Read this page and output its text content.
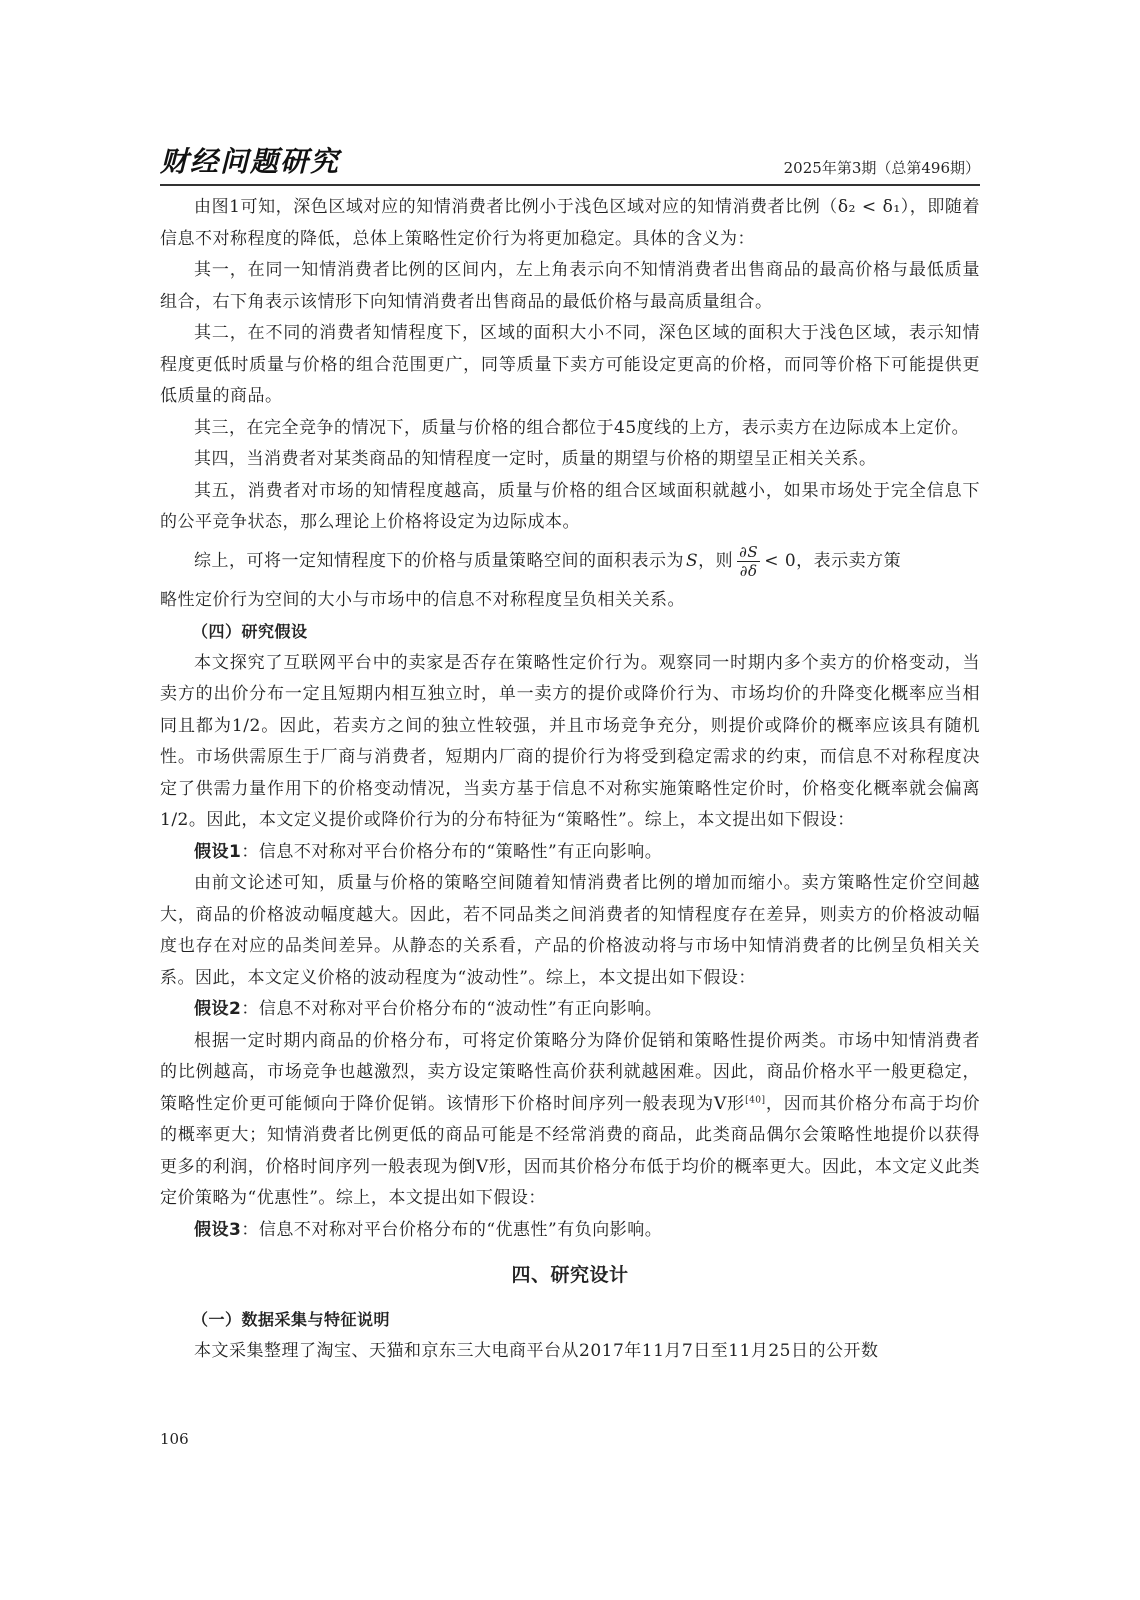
财经问题研究	2025年第3期（总第496期）

由图1可知，深色区域对应的知情消费者比例小于浅色区域对应的知情消费者比例（δ₂ < δ₁），即随着信息不对称程度的降低，总体上策略性定价行为将更加稳定。具体的含义为：

其一，在同一知情消费者比例的区间内，左上角表示向不知情消费者出售商品的最高价格与最低质量组合，右下角表示该情形下向知情消费者出售商品的最低价格与最高质量组合。

其二，在不同的消费者知情程度下，区域的面积大小不同，深色区域的面积大于浅色区域，表示知情程度更低时质量与价格的组合范围更广，同等质量下卖方可能设定更高的价格，而同等价格下可能提供更低质量的商品。

其三，在完全竞争的情况下，质量与价格的组合都位于45度线的上方，表示卖方在边际成本上定价。

其四，当消费者对某类商品的知情程度一定时，质量的期望与价格的期望呈正相关关系。

其五，消费者对市场的知情程度越高，质量与价格的组合区域面积就越小，如果市场处于完全信息下的公平竞争状态，那么理论上价格将设定为边际成本。

综上，可将一定知情程度下的价格与质量策略空间的面积表示为 S ，则 $\frac{\partial S}{\partial\delta} < 0$，表示卖方策

略性定价行为空间的大小与市场中的信息不对称程度呈负相关关系。

（四）研究假设

本文探究了互联网平台中的卖家是否存在策略性定价行为。观察同一时期内多个卖方的价格变动，当卖方的出价分布一定且短期内相互独立时，单一卖方的提价或降价行为、市场均价的升降变化概率应当相同且都为1/2。因此，若卖方之间的独立性较强，并且市场竞争充分，则提价或降价的概率应该具有随机性。市场供需原生于厂商与消费者，短期内厂商的提价行为将受到稳定需求的约束，而信息不对称程度决定了供需力量作用下的价格变动情况，当卖方基于信息不对称实施策略性定价时，价格变化概率就会偏离1/2。因此，本文定义提价或降价行为的分布特征为“策略性”。综上，本文提出如下假设：

假设1：信息不对称对平台价格分布的“策略性”有正向影响。

由前文论述可知，质量与价格的策略空间随着知情消费者比例的增加而缩小。卖方策略性定价空间越大，商品的价格波动幅度越大。因此，若不同品类之间消费者的知情程度存在差异，则卖方的价格波动幅度也存在对应的品类间差异。从静态的关系看，产品的价格波动将与市场中知情消费者的比例呈负相关关系。因此，本文定义价格的波动程度为“波动性”。综上，本文提出如下假设：

假设2：信息不对称对平台价格分布的“波动性”有正向影响。

根据一定时期内商品的价格分布，可将定价策略分为降价促销和策略性提价两类。市场中知情消费者的比例越高，市场竞争也越激烈，卖方设定策略性高价获利就越困难。因此，商品价格水平一般更稳定，策略性定价更可能倾向于降价促销。该情形下价格时间序列一般表现为V形[40]，因而其价格分布高于均价的概率更大；知情消费者比例更低的商品可能是不经常消费的商品，此类商品偶尔会策略性地提价以获得更多的利润，价格时间序列一般表现为倒V形，因而其价格分布低于均价的概率更大。因此，本文定义此类定价策略为“优惠性”。综上，本文提出如下假设：

假设3：信息不对称对平台价格分布的“优惠性”有负向影响。

四、研究设计

（一）数据采集与特征说明

本文采集整理了淘宝、天猫和京东三大电商平台从2017年11月7日至11月25日的公开数

106
